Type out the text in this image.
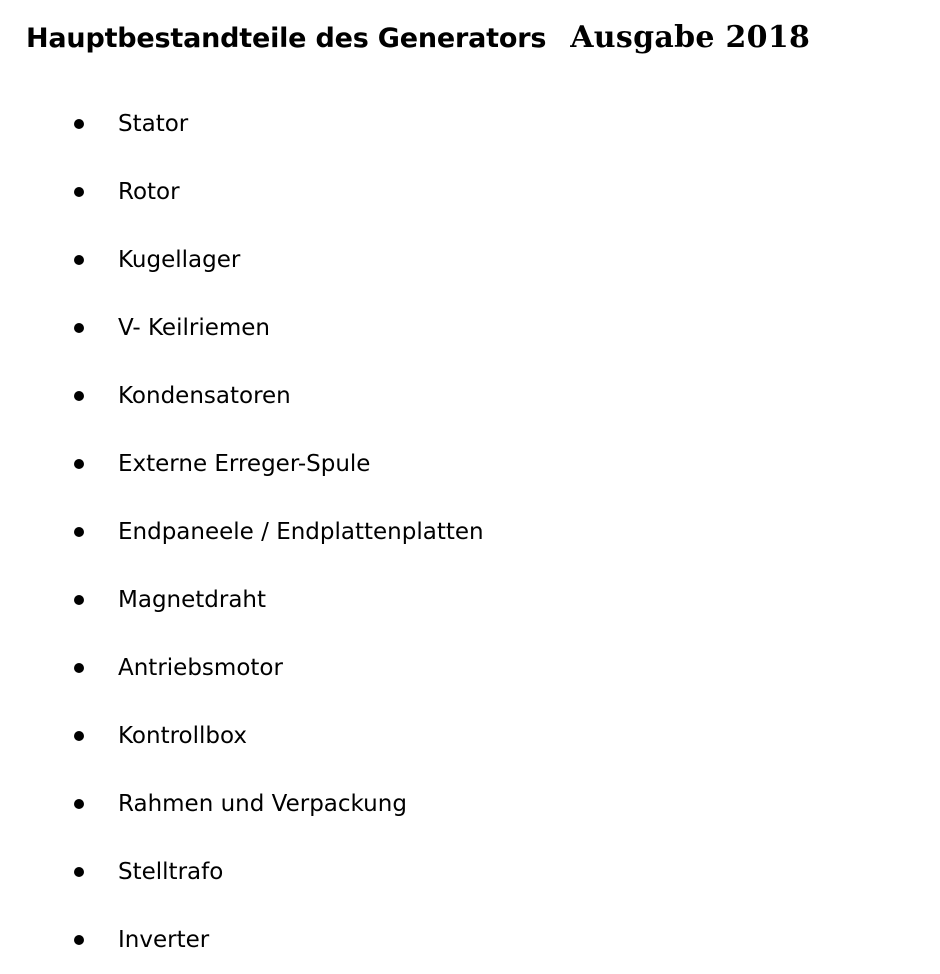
Hauptbestandteile des Generators Ausgabe 2018
Stator
Rotor
Kugellager
V- Keilriemen
Kondensatoren
Externe Erreger-Spule
Endpaneele / Endplattenplatten
Magnetdraht
Antriebsmotor
Kontrollbox
Rahmen und Verpackung
Stelltrafo
Inverter
